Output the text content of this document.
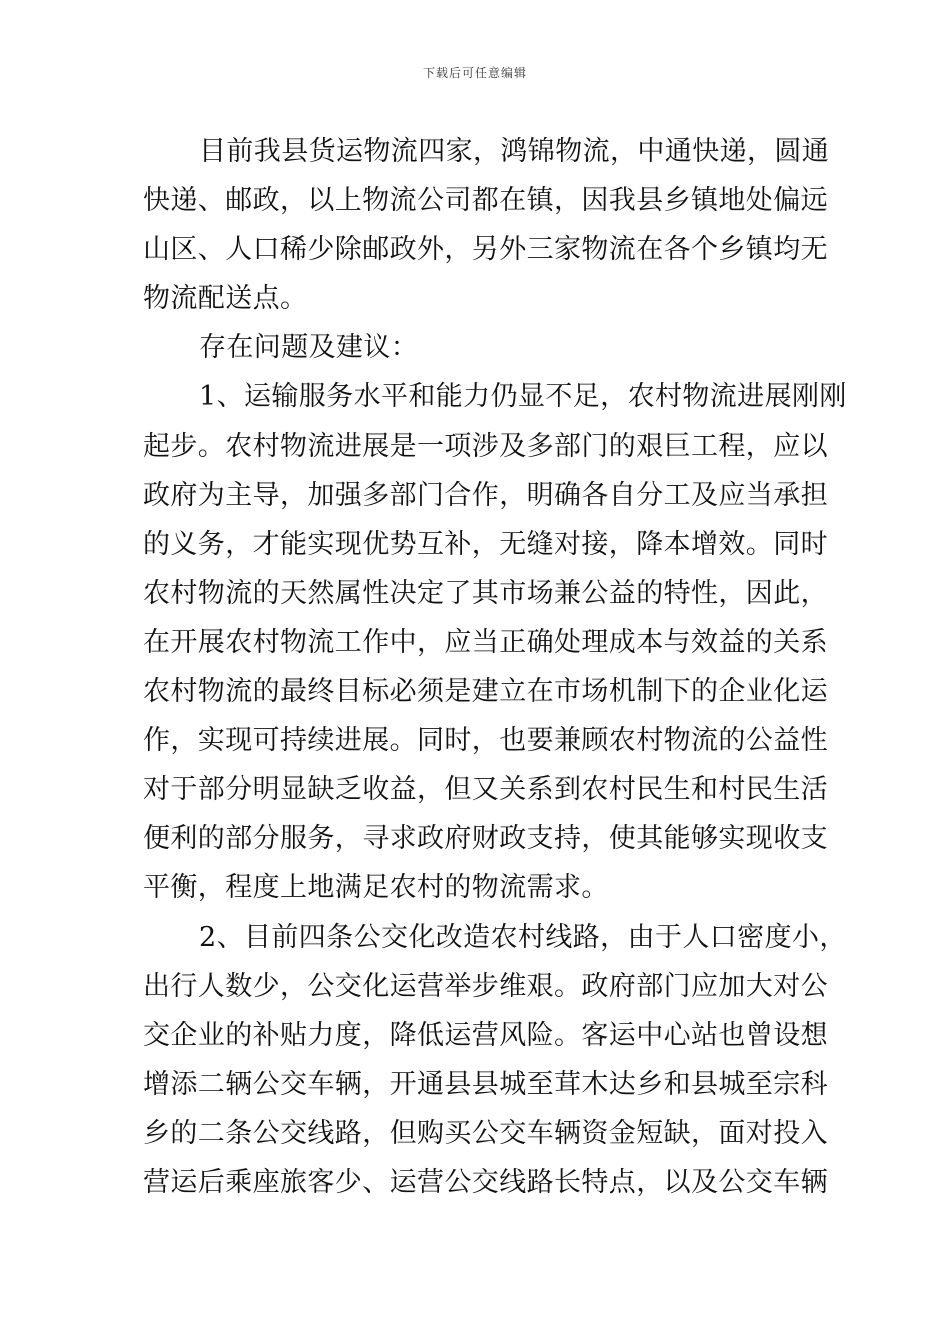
下载后可任意编辑
目前我县货运物流四家，鸿锦物流，中通快递，圆通
快递、邮政，以上物流公司都在镇，因我县乡镇地处偏远
山区、人口稀少除邮政外，另外三家物流在各个乡镇均无
物流配送点。
存在问题及建议：
1、运输服务水平和能力仍显不足，农村物流进展刚刚
起步。农村物流进展是一项涉及多部门的艰巨工程，应以
政府为主导，加强多部门合作，明确各自分工及应当承担
的义务，才能实现优势互补，无缝对接，降本增效。同时
农村物流的天然属性决定了其市场兼公益的特性，因此，
在开展农村物流工作中，应当正确处理成本与效益的关系
农村物流的最终目标必须是建立在市场机制下的企业化运
作，实现可持续进展。同时，也要兼顾农村物流的公益性
对于部分明显缺乏收益，但又关系到农村民生和村民生活
便利的部分服务，寻求政府财政支持，使其能够实现收支
平衡，程度上地满足农村的物流需求。
2、目前四条公交化改造农村线路，由于人口密度小，
出行人数少，公交化运营举步维艰。政府部门应加大对公
交企业的补贴力度，降低运营风险。客运中心站也曾设想
增添二辆公交车辆，开通县县城至茸木达乡和县城至宗科
乡的二条公交线路，但购买公交车辆资金短缺，面对投入
营运后乘座旅客少、运营公交线路长特点，以及公交车辆
